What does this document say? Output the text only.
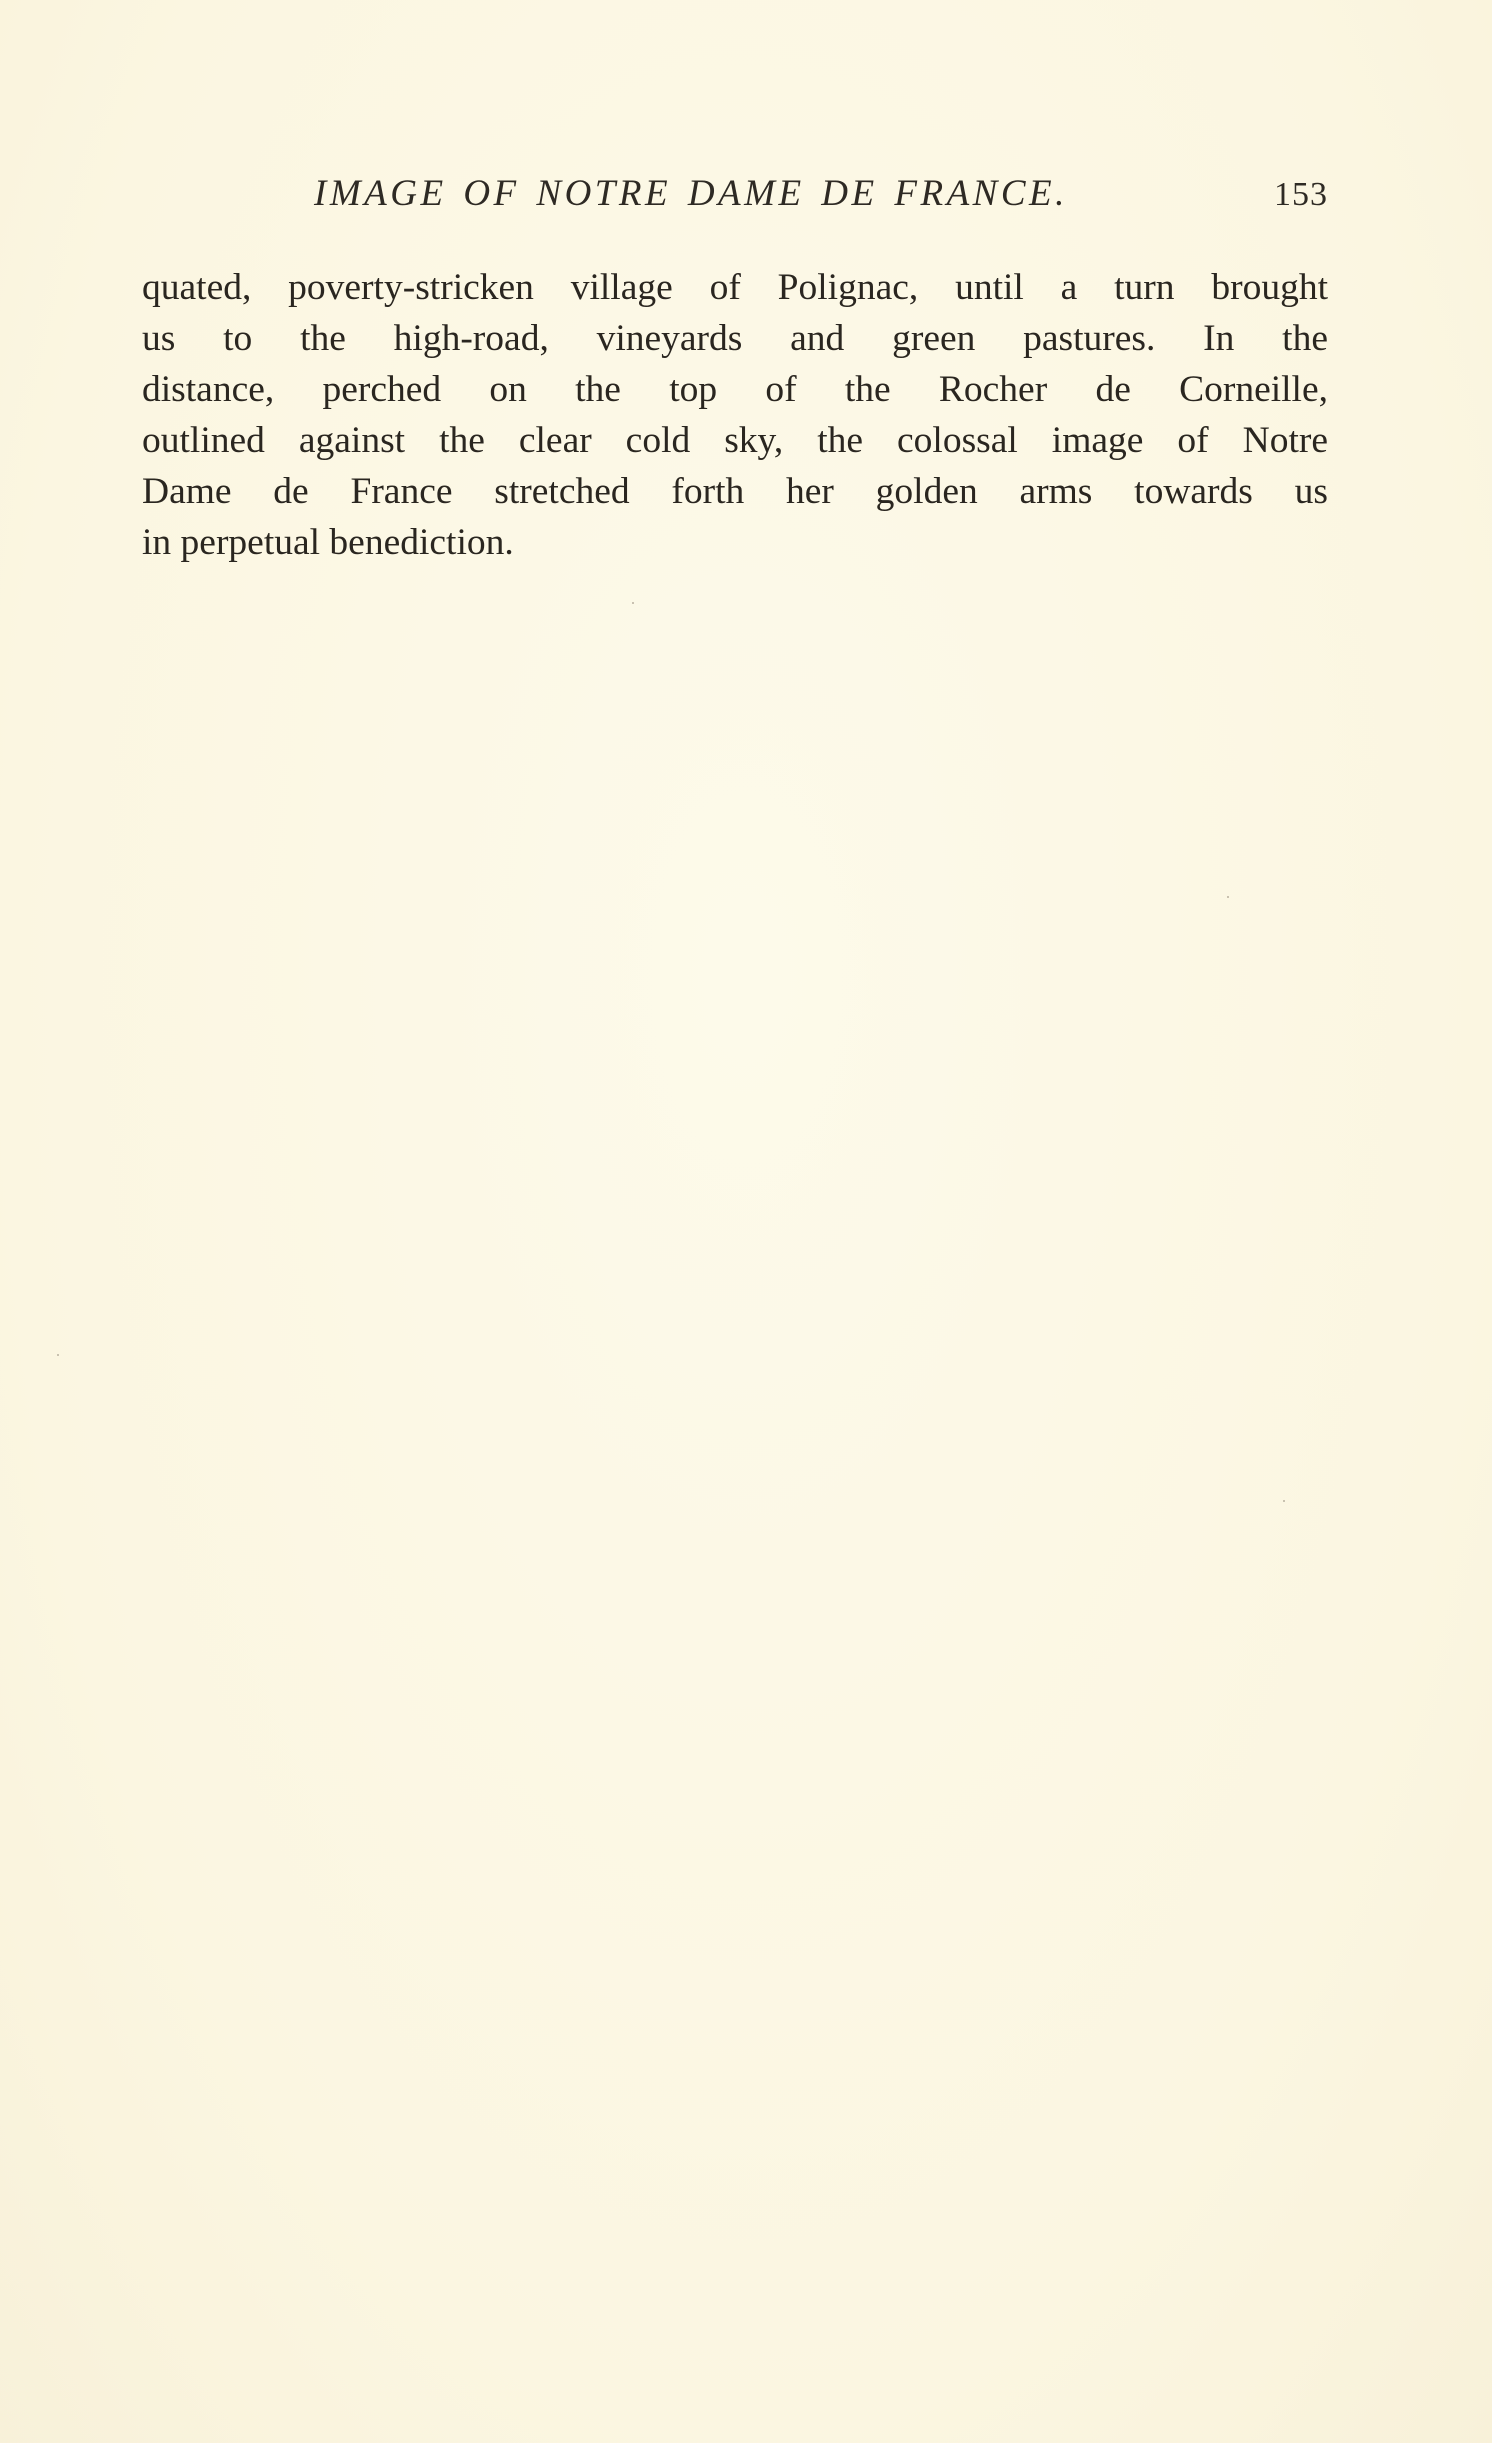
IMAGE OF NOTRE DAME DE FRANCE.	153
quated, poverty-stricken village of Polignac, until a turn brought
us to the high-road, vineyards and green pastures. In the
distance, perched on the top of the Rocher de Corneille,
outlined against the clear cold sky, the colossal image of Notre
Dame de France stretched forth her golden arms towards us
in perpetual benediction.
